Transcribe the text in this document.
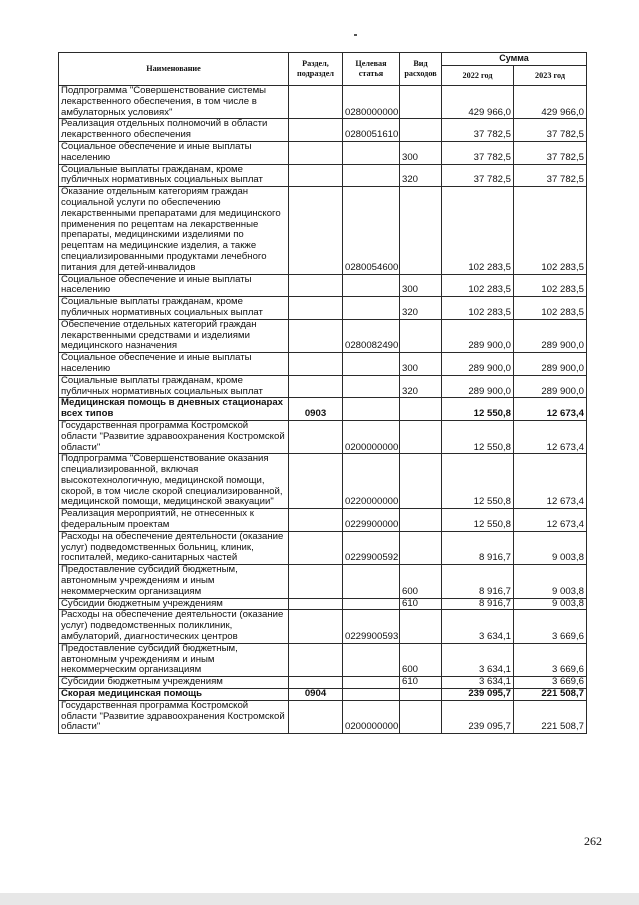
Наименование	Раздел, подраздел	Целевая статья	Вид расходов	Сумма	
				2022 год	2023 год
Подпрограмма "Совершенствование системы лекарственного обеспечения, в том числе в амбулаторных условиях"		0280000000		429 966,0	429 966,0
Реализация отдельных полномочий в области лекарственного обеспечения		0280051610		37 782,5	37 782,5
Социальное обеспечение и иные выплаты населению			300	37 782,5	37 782,5
Социальные выплаты гражданам, кроме публичных нормативных социальных выплат			320	37 782,5	37 782,5
Оказание отдельным категориям граждан социальной услуги по обеспечению лекарственными препаратами для медицинского применения по рецептам на лекарственные препараты, медицинскими изделиями по рецептам на медицинские изделия, а также специализированными продуктами лечебного питания для детей-инвалидов		0280054600		102 283,5	102 283,5
Социальное обеспечение и иные выплаты населению			300	102 283,5	102 283,5
Социальные выплаты гражданам, кроме публичных нормативных социальных выплат			320	102 283,5	102 283,5
Обеспечение отдельных категорий граждан лекарственными средствами и изделиями медицинского назначения		0280082490		289 900,0	289 900,0
Социальное обеспечение и иные выплаты населению			300	289 900,0	289 900,0
Социальные выплаты гражданам, кроме публичных нормативных социальных выплат			320	289 900,0	289 900,0
Медицинская помощь в дневных стационарах всех типов	0903			12 550,8	12 673,4
Государственная программа Костромской области "Развитие здравоохранения Костромской области"		0200000000		12 550,8	12 673,4
Подпрограмма "Совершенствование оказания специализированной, включая высокотехнологичную, медицинской помощи, скорой, в том числе скорой специализированной, медицинской помощи, медицинской эвакуации"		0220000000		12 550,8	12 673,4
Реализация мероприятий, не отнесенных к федеральным проектам		0229900000		12 550,8	12 673,4
Расходы на обеспечение деятельности (оказание услуг) подведомственных больниц, клиник, госпиталей, медико-санитарных частей		0229900592		8 916,7	9 003,8
Предоставление субсидий бюджетным, автономным учреждениям и иным некоммерческим организациям			600	8 916,7	9 003,8
Субсидии бюджетным учреждениям			610	8 916,7	9 003,8
Расходы на обеспечение деятельности (оказание услуг) подведомственных поликлиник, амбулаторий, диагностических центров		0229900593		3 634,1	3 669,6
Предоставление субсидий бюджетным, автономным учреждениям и иным некоммерческим организациям			600	3 634,1	3 669,6
Субсидии бюджетным учреждениям			610	3 634,1	3 669,6
Скорая медицинская помощь	0904			239 095,7	221 508,7
Государственная программа Костромской области "Развитие здравоохранения Костромской области"		0200000000		239 095,7	221 508,7
262
